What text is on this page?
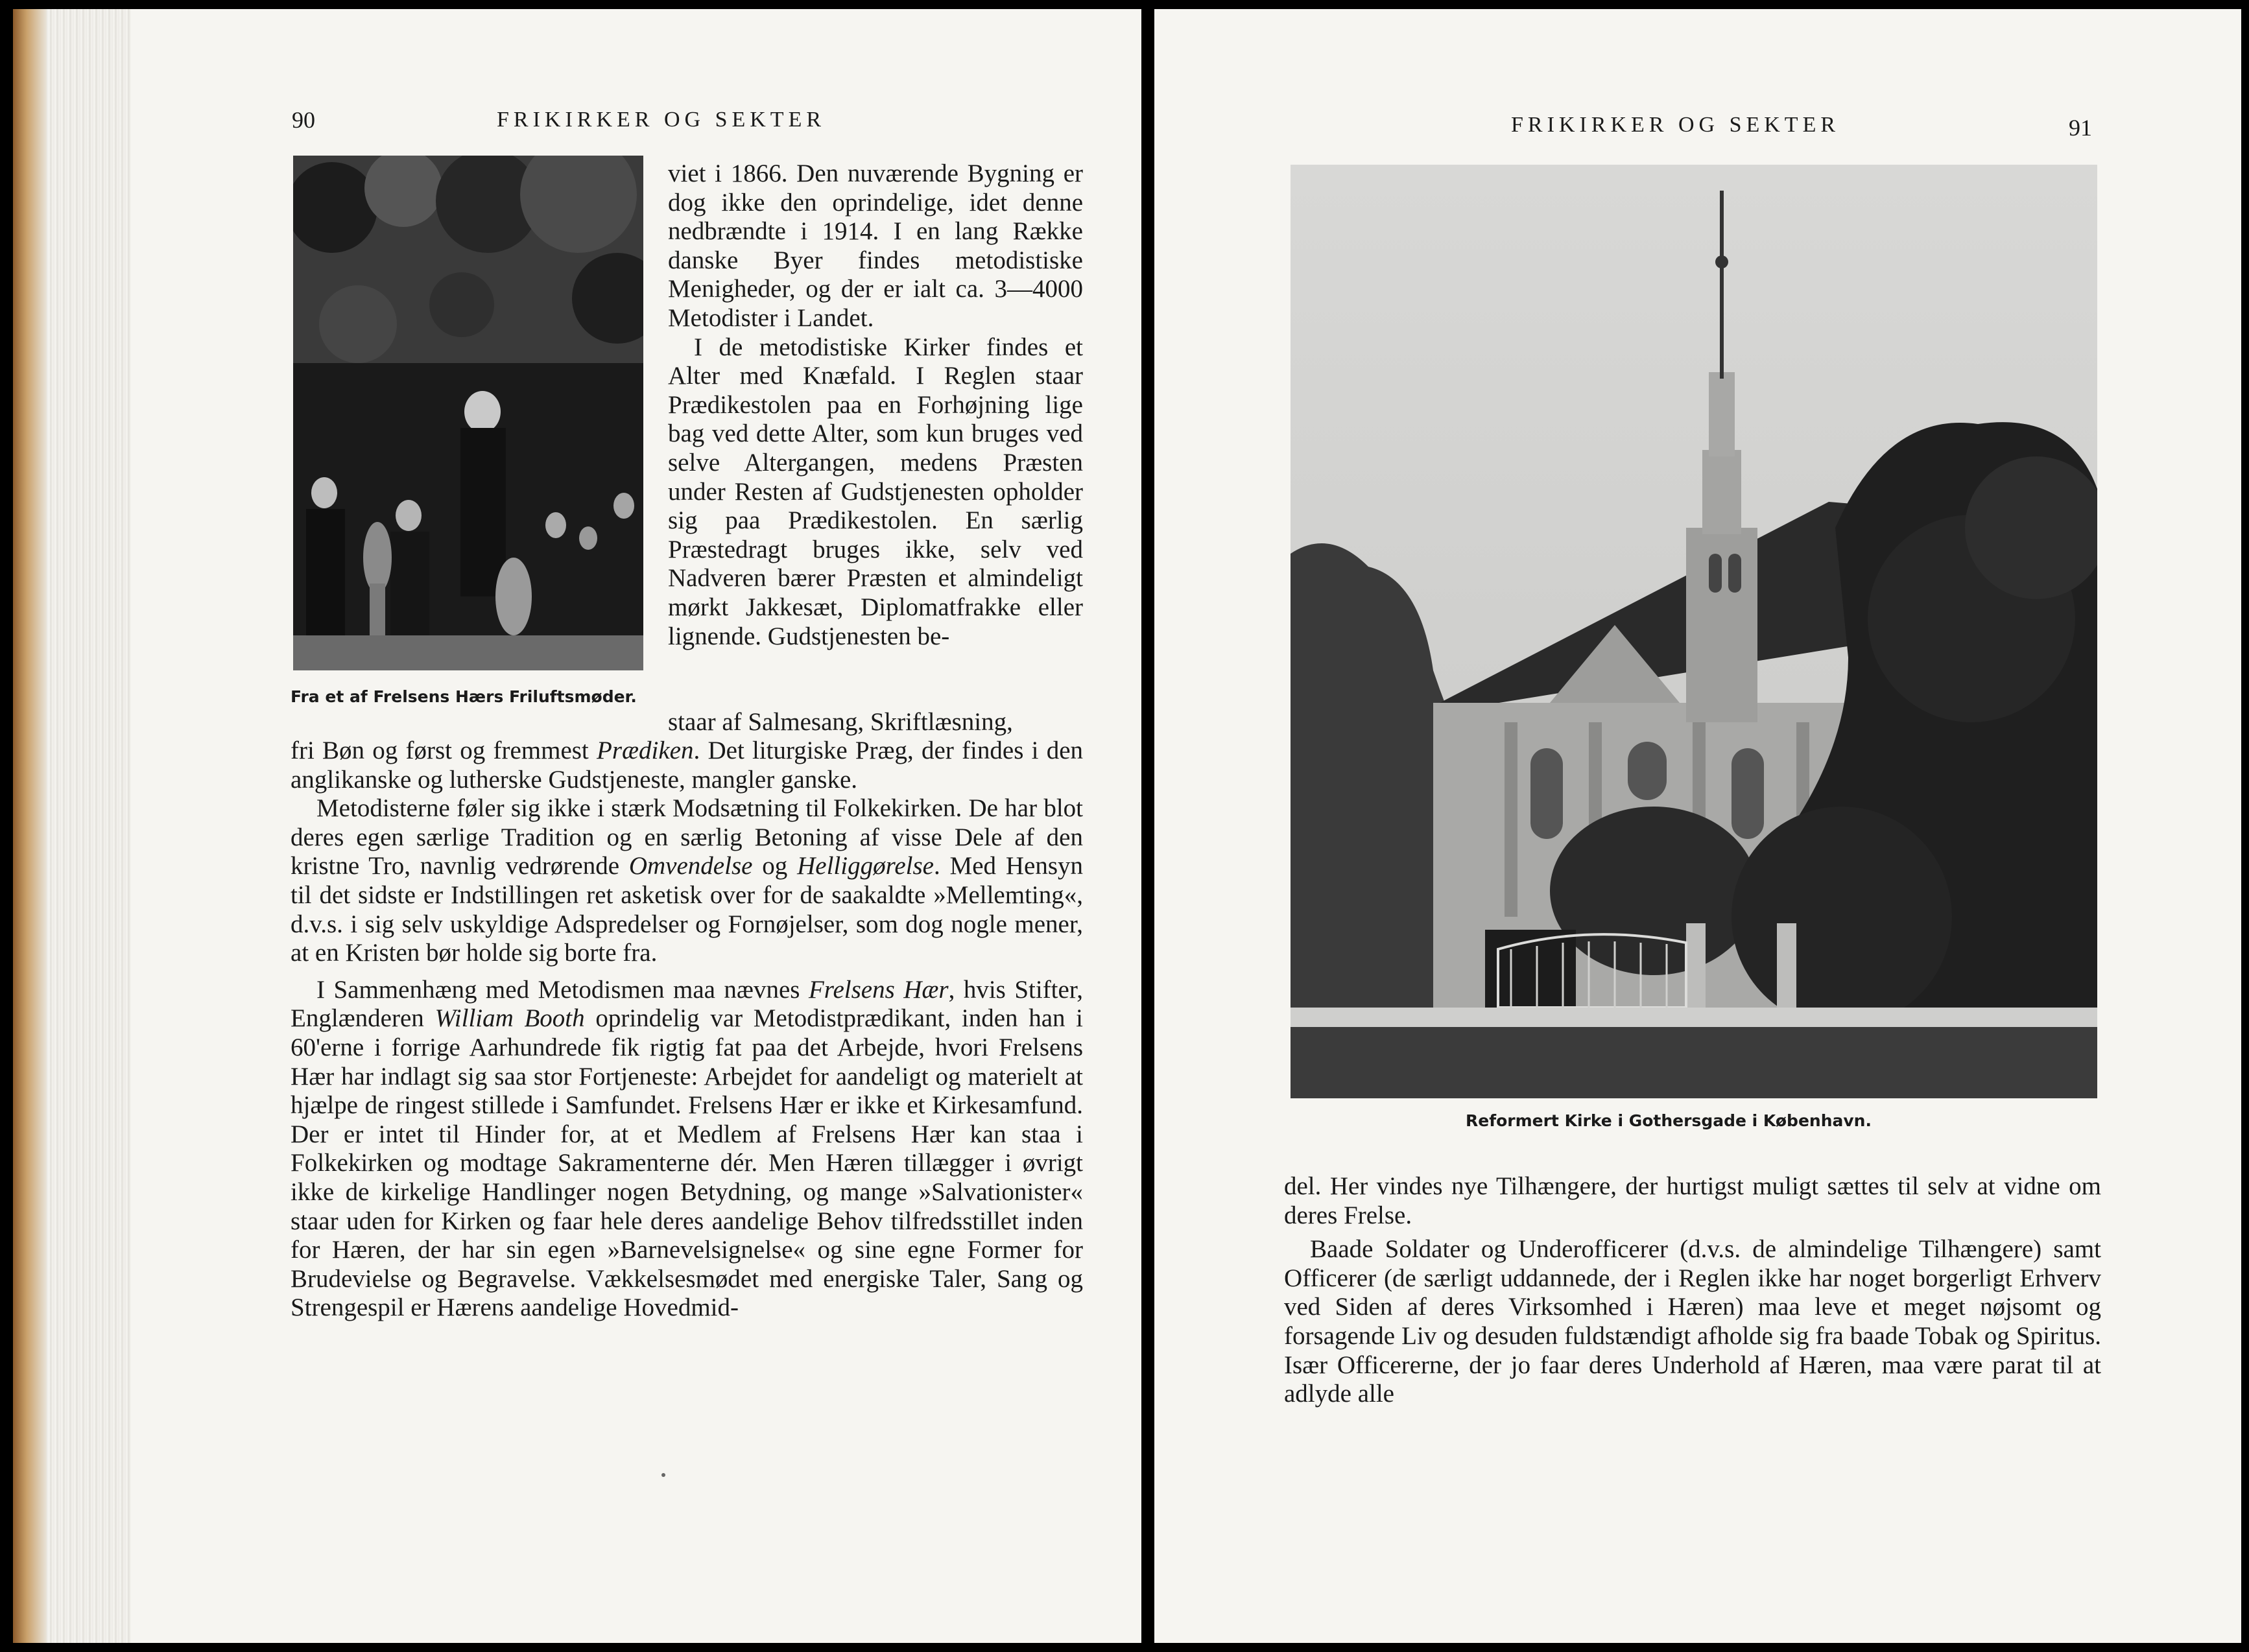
90	FRIKIRKER OG SEKTER
Fra et af Frelsens Hærs Friluftsmøder.

viet i 1866. Den nuværende Bygning er dog ikke den oprindelige, idet denne nedbrændte i 1914. I en lang Række danske Byer findes metodistiske Menigheder, og der er ialt ca. 3—4000 Metodister i Landet.

I de metodistiske Kirker findes et Alter med Knæfald. I Reglen staar Prædikestolen paa en Forhøjning lige bag ved dette Alter, som kun bruges ved selve Altergangen, medens Præsten under Resten af Gudstjenesten opholder sig paa Prædikestolen. En særlig Præstedragt bruges ikke, selv ved Nadveren bærer Præsten et almindeligt mørkt Jakkesæt, Diplomatfrakke eller lignende. Gudstjenesten be-

staar af Salmesang, Skriftlæsning,

fri Bøn og først og fremmest Prædiken. Det liturgiske Præg, der findes i den anglikanske og lutherske Gudstjeneste, mangler ganske.

Metodisterne føler sig ikke i stærk Modsætning til Folkekirken. De har blot deres egen særlige Tradition og en særlig Betoning af visse Dele af den kristne Tro, navnlig vedrørende Omvendelse og Helliggørelse. Med Hensyn til det sidste er Indstillingen ret asketisk over for de saakaldte »Mellemting«, d.v.s. i sig selv uskyldige Adspredelser og Fornøjelser, som dog nogle mener, at en Kristen bør holde sig borte fra.

I Sammenhæng med Metodismen maa nævnes Frelsens Hær, hvis Stifter, Englænderen William Booth oprindelig var Metodistprædikant, inden han i 60'erne i forrige Aarhundrede fik rigtig fat paa det Arbejde, hvori Frelsens Hær har indlagt sig saa stor Fortjeneste: Arbejdet for aandeligt og materielt at hjælpe de ringest stillede i Samfundet. Frelsens Hær er ikke et Kirkesamfund. Der er intet til Hinder for, at et Medlem af Frelsens Hær kan staa i Folkekirken og modtage Sakramenterne dér. Men Hæren tillægger i øvrigt ikke de kirkelige Handlinger nogen Betydning, og mange »Salvationister« staar uden for Kirken og faar hele deres aandelige Behov tilfredsstillet inden for Hæren, der har sin egen »Barnevelsignelse« og sine egne Former for Brudevielse og Begravelse. Vækkelsesmødet med energiske Taler, Sang og Strengespil er Hærens aandelige Hovedmid-

FRIKIRKER OG SEKTER	91
Reformert Kirke i Gothersgade i København.

del. Her vindes nye Tilhængere, der hurtigst muligt sættes til selv at vidne om deres Frelse.

Baade Soldater og Underofficerer (d.v.s. de almindelige Tilhængere) samt Officerer (de særligt uddannede, der i Reglen ikke har noget borgerligt Erhverv ved Siden af deres Virksomhed i Hæren) maa leve et meget nøjsomt og forsagende Liv og desuden fuldstændigt afholde sig fra baade Tobak og Spiritus. Især Officererne, der jo faar deres Underhold af Hæren, maa være parat til at adlyde alle
